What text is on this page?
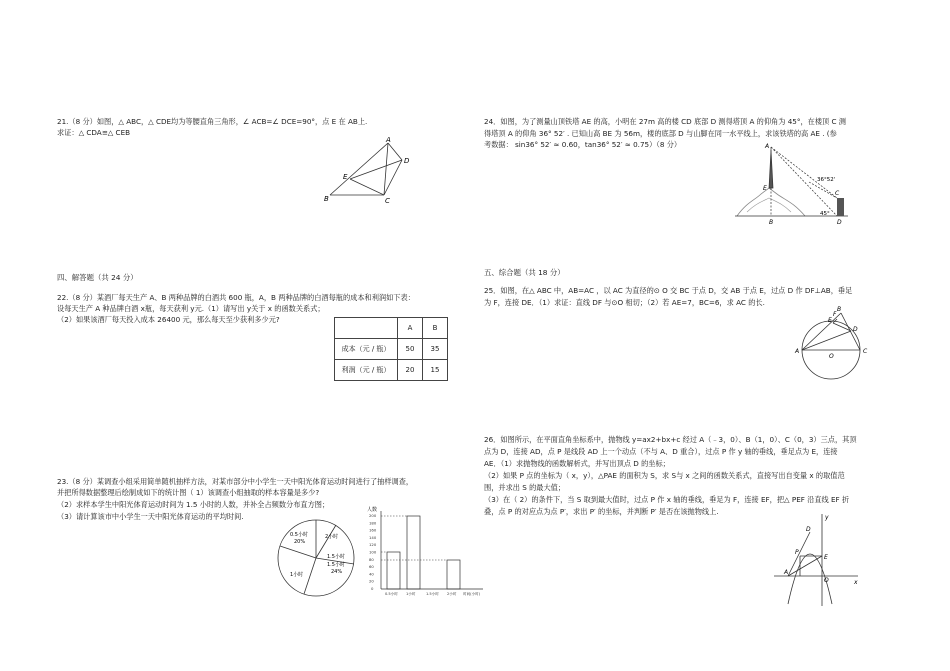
21.（8 分）如图，△ ABC，△ CDE均为等腰直角三角形，∠ ACB=∠ DCE=90°，点 E 在 AB上.
求证：△ CDA≌△ CEB
A
B	C
D
E
四、解答题（共 24 分）
22.（8 分）某酒厂每天生产 A、B 两种品牌的白酒共 600 瓶，A，B 两种品牌的白酒每瓶的成本和利润如下表：
设每天生产 A 种品牌白酒 x瓶，每天获利 y元.（1）请写出 y关于 x 的函数关系式；
（2）如果该酒厂每天投入成本 26400 元，那么每天至少获利多少元?
	A	B
成本（元 / 瓶）	50	35
利润（元 / 瓶）	20	15
23.（8 分）某调查小组采用简单随机抽样方法，对某市部分中小学生一天中阳光体育运动时间进行了抽样调查，
并把所得数据整理后绘制成如下的统计图（ 1）该调查小组抽取的样本容量是多少?
（2）求样本学生中阳光体育运动时间为 1.5 小时的人数，并补全占频数分布直方图；
（3）请计算该市中小学生一天中阳光体育运动的平均时间.
0.5小时
20%
2小时
1.5小时
1.5小时
24%
1小时
人数
200
180
160
140
120
100
80
60
40
20
0
0.5小时 1小时	1.5小时 2小时 时间(小时)
24．如图，为了测量山顶铁塔 AE 的高，小明在 27m 高的楼 CD 底部 D 测得塔顶 A 的仰角为 45°，在楼顶 C 测
得塔顶 A 的仰角 36° 52′ . 已知山高 BE 为 56m，楼的底部 D 与山脚在同一水平线上，求该铁塔的高 AE . (参
考数据： sin36° 52′ ≈ 0.60，tan36° 52′ ≈ 0.75）（8 分）	A
E
B
C
D
36°52'
45°
五、综合题（共 18 分）
25．如图，在△ ABC 中，AB=AC ，以 AC 为直径的⊙ O 交 BC 于点 D，交 AB 于点 E，过点 D 作 DF⊥AB，垂足
为 F，连接 DE．（1）求证：直线 DF 与⊙O 相切；（2）若 AE=7，BC=6，求 AC 的长.
B
A	C
D
E
F
O
26．如图所示，在平面直角坐标系中，抛物线 y=ax2+bx+c 经过 A（﹣3，0）、B（1，0）、C（0，3）三点，其顶
点为 D，连接 AD，点 P 是线段 AD 上一个动点（不与 A、D 重合），过点 P 作 y 轴的垂线，垂足点为 E，连接
AE．（1）求抛物线的函数解析式，并写出顶点 D 的坐标；
（2）如果 P 点的坐标为（ x，y），△PAE 的面积为 S，求 S与 x 之间的函数关系式，直接写出自变量 x 的取值范
围，并求出 S 的最大值；
（3）在（ 2）的条件下，当 S 取到最大值时，过点 P 作 x 轴的垂线，垂足为 F，连接 EF，把△ PEF 沿直线 EF 折
叠，点 P 的对应点为点 P′，求出 P′ 的坐标，并判断 P′ 是否在该抛物线上.
D
P
E
A
O	x
y
